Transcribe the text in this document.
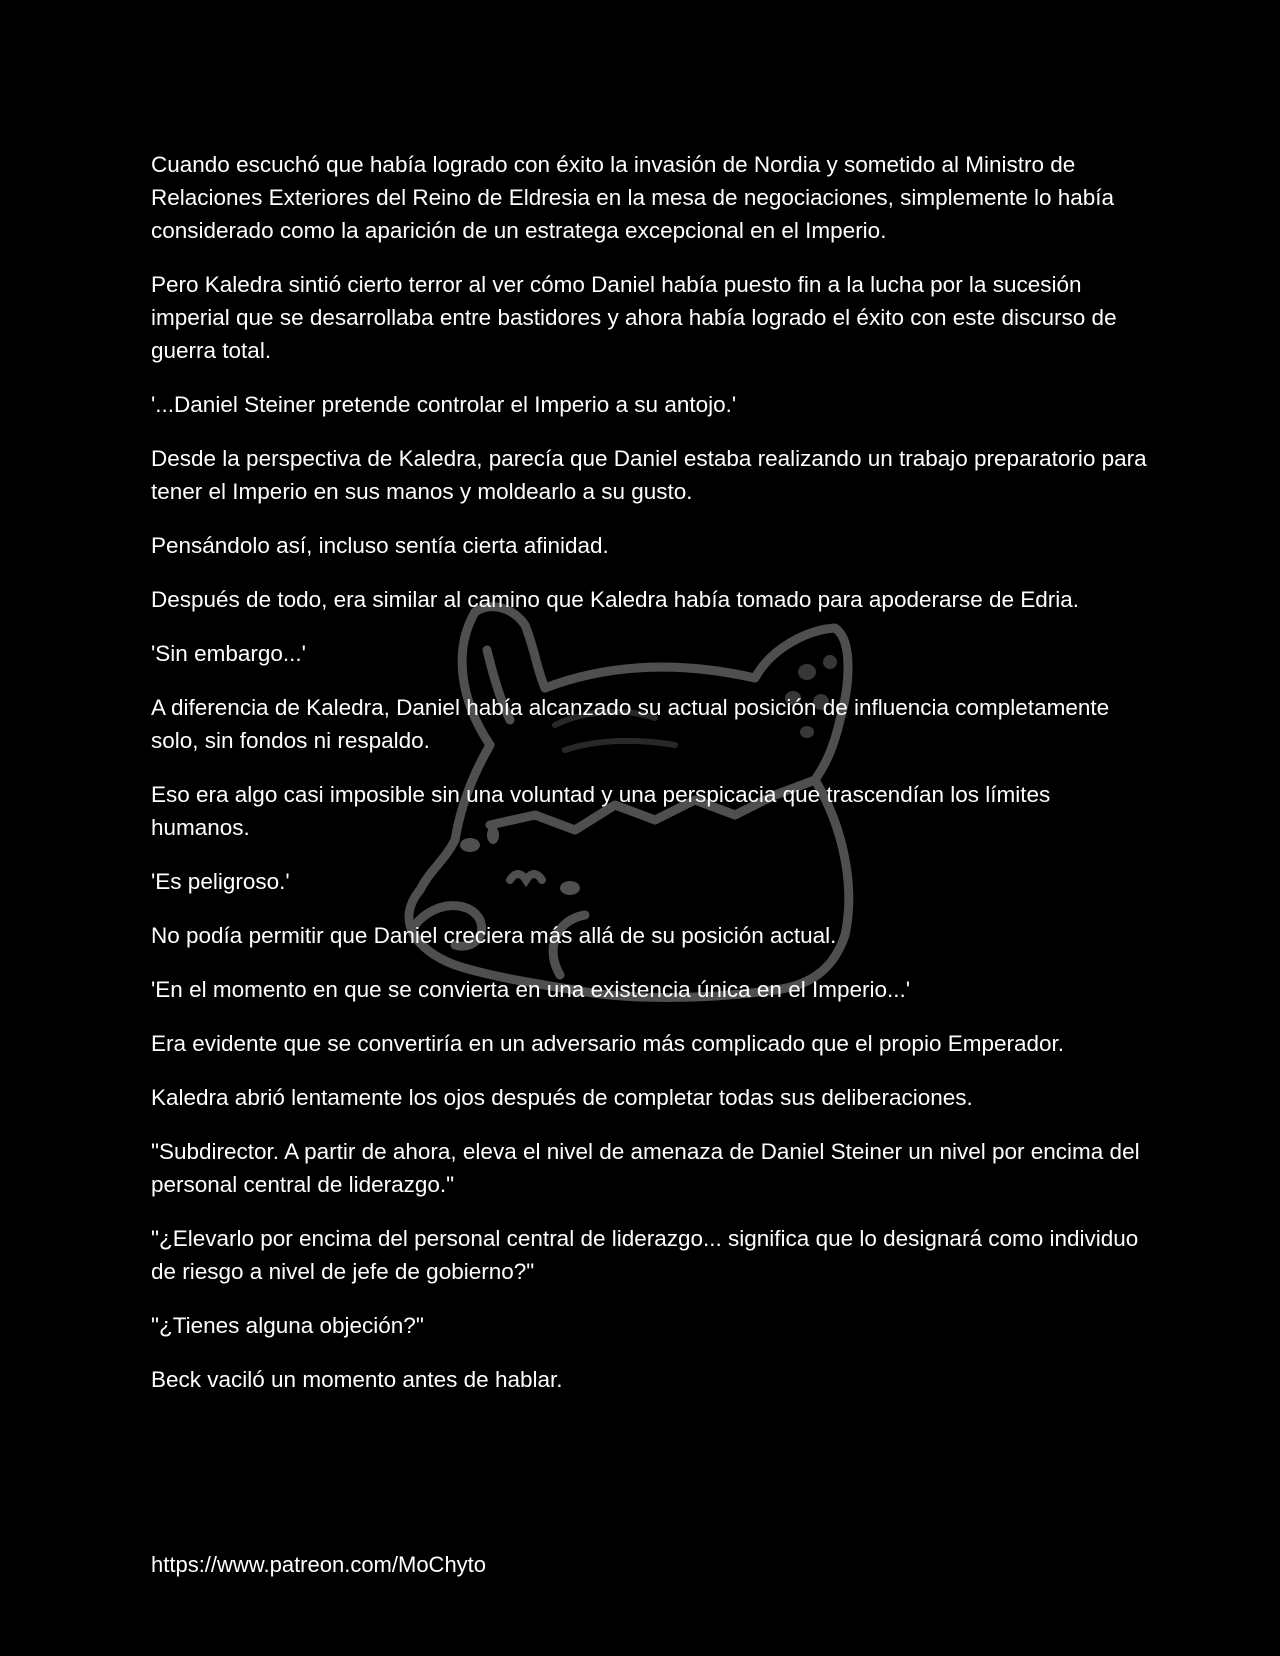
Cuando escuchó que había logrado con éxito la invasión de Nordia y sometido al Ministro de Relaciones Exteriores del Reino de Eldresia en la mesa de negociaciones, simplemente lo había considerado como la aparición de un estratega excepcional en el Imperio.

Pero Kaledra sintió cierto terror al ver cómo Daniel había puesto fin a la lucha por la sucesión imperial que se desarrollaba entre bastidores y ahora había logrado el éxito con este discurso de guerra total.

'...Daniel Steiner pretende controlar el Imperio a su antojo.'

Desde la perspectiva de Kaledra, parecía que Daniel estaba realizando un trabajo preparatorio para tener el Imperio en sus manos y moldearlo a su gusto.

Pensándolo así, incluso sentía cierta afinidad.

Después de todo, era similar al camino que Kaledra había tomado para apoderarse de Edria.

'Sin embargo...'

A diferencia de Kaledra, Daniel había alcanzado su actual posición de influencia completamente solo, sin fondos ni respaldo.

Eso era algo casi imposible sin una voluntad y una perspicacia que trascendían los límites humanos.

'Es peligroso.'

No podía permitir que Daniel creciera más allá de su posición actual.

'En el momento en que se convierta en una existencia única en el Imperio...'

Era evidente que se convertiría en un adversario más complicado que el propio Emperador.

Kaledra abrió lentamente los ojos después de completar todas sus deliberaciones.

"Subdirector. A partir de ahora, eleva el nivel de amenaza de Daniel Steiner un nivel por encima del personal central de liderazgo."

"¿Elevarlo por encima del personal central de liderazgo... significa que lo designará como individuo de riesgo a nivel de jefe de gobierno?"

"¿Tienes alguna objeción?"

Beck vaciló un momento antes de hablar.

https://www.patreon.com/MoChyto
